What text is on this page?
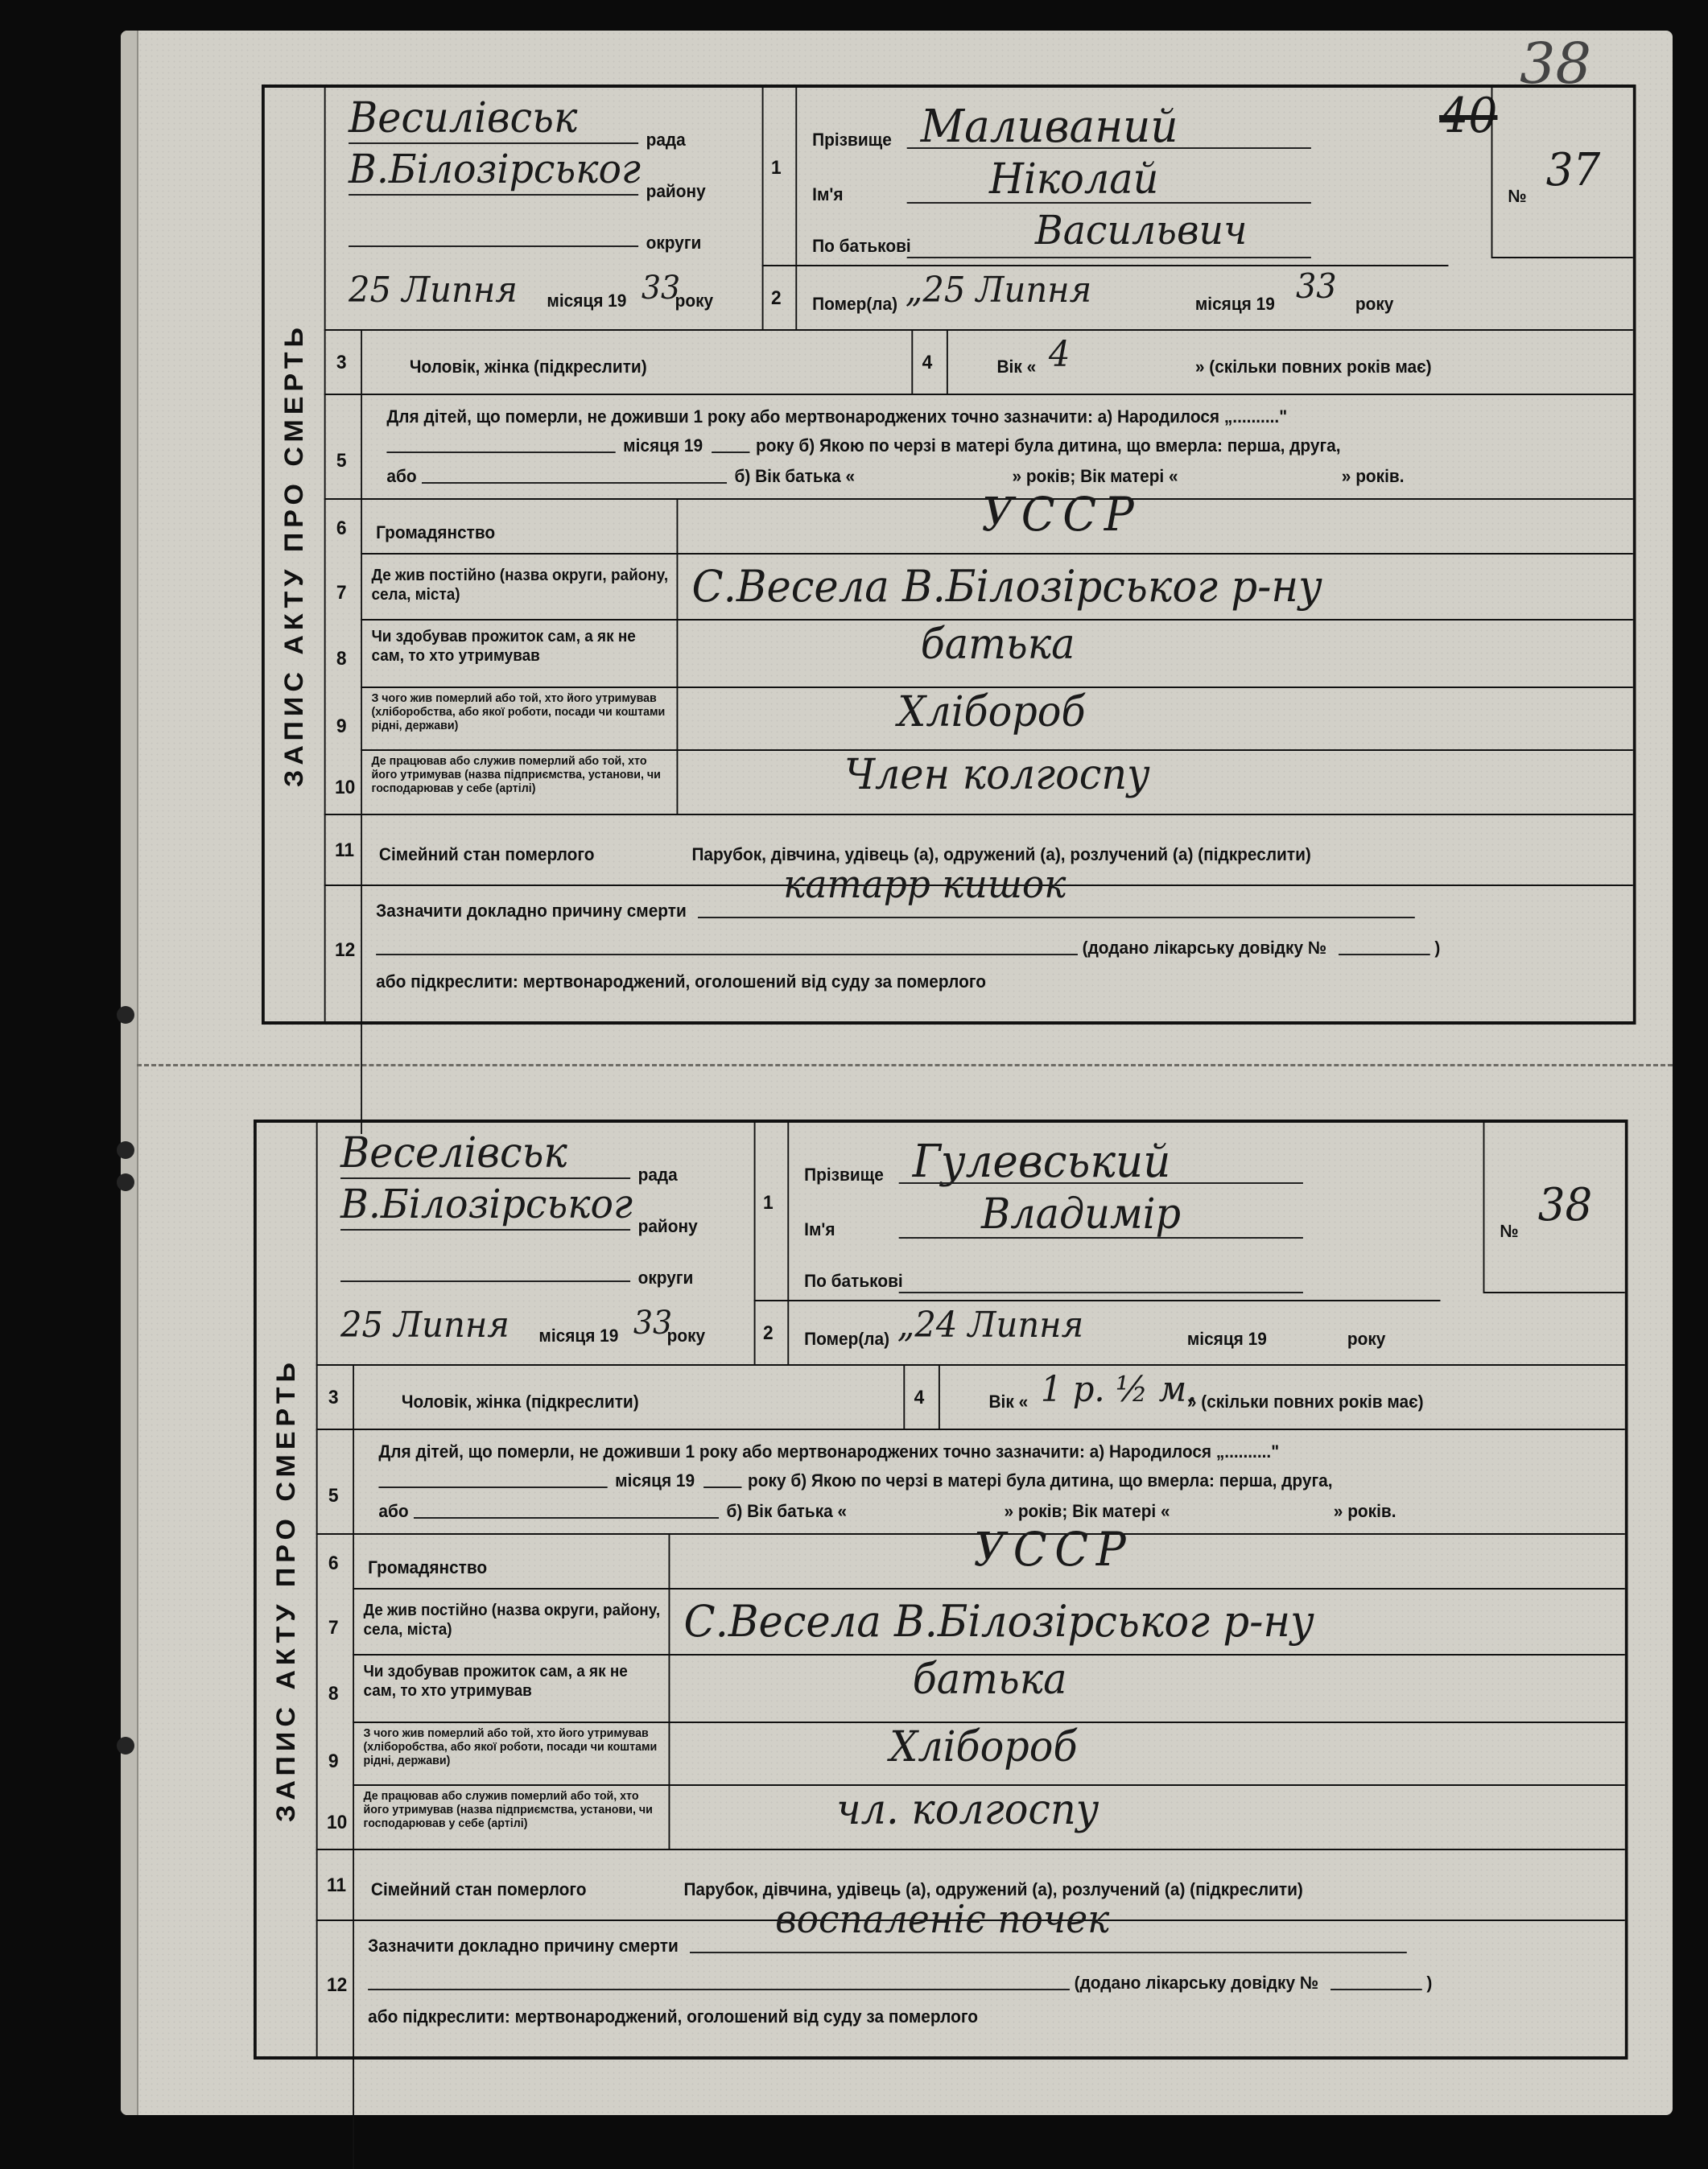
38
ЗАПИС АКТУ ПРО СМЕРТЬ
Весилівськ	рада
В.Білозірськог району
округи
25 Липня місяця 19 33
року
1
Прізвище Маливаний	40
Ім'я	Ніколай
По батькові	Васильвич
№ 37
2 Помер(ла) „25 Липня	місяця 19 33 року
3	Чоловік, жінка (підкреслити)	4	Вік « 4	» (скільки повних років має)
5
Для дітей, що померли, не доживши 1 року або мертвонароджених точно зазначити: а) Народилося „.........."
місяця 19	року б) Якою по черзі в матері була дитина, що вмерла: перша, друга,
або	б) Вік батька «	» років; Вік матері «	» років.
6 Громадянство	УССР
7
Де жив постійно (назва округи, району, села, міста)	С.Весела В.Білозірськог р-ну
8
Чи здобував прожиток сам, а як не сам, то хто утримував	батька
9
З чого жив померлий або той, хто його утримував (хліборобства, або якої роботи, посади чи коштами рідні, держави)	Хлібороб
10
Де працював або служив померлий або той, хто його утримував (назва підприємства, установи, чи господарював у себе (артілі)	Член колгоспу
11 Сімейний стан померлого	Парубок, дівчина, удівець (а), одружений (а), розлучений (а) (підкреслити)
12
Зазначити докладно причину смерти
катарр кишок
(додано лікарську довідку №	)
або підкреслити: мертвонароджений, оголошений від суду за померлого
ЗАПИС АКТУ ПРО СМЕРТЬ
Веселівськ	рада
В.Білозірськог району
округи
25 Липня місяця 19 33
року
1
Прізвище Гулевський
Ім'я	Владимір
По батькові
№ 38
2 Помер(ла) „24 Липня	місяця 19	року
3	Чоловік, жінка (підкреслити)	4	Вік « 1 р. ½ м.
» (скільки повних років має)
5
Для дітей, що померли, не доживши 1 року або мертвонароджених точно зазначити: а) Народилося „.........."
місяця 19	року б) Якою по черзі в матері була дитина, що вмерла: перша, друга,
або	б) Вік батька «	» років; Вік матері «	» років.
6 Громадянство	УССР
7
Де жив постійно (назва округи, району, села, міста)	С.Весела В.Білозірськог р-ну
8
Чи здобував прожиток сам, а як не сам, то хто утримував	батька
9
З чого жив померлий або той, хто його утримував (хліборобства, або якої роботи, посади чи коштами рідні, держави)	Хлібороб
10
Де працював або служив померлий або той, хто його утримував (назва підприємства, установи, чи господарював у себе (артілі)	чл. колгоспу
11 Сімейний стан померлого	Парубок, дівчина, удівець (а), одружений (а), розлучений (а) (підкреслити)
12
Зазначити докладно причину смерти
воспаленіє почек
(додано лікарську довідку №	)
або підкреслити: мертвонароджений, оголошений від суду за померлого
